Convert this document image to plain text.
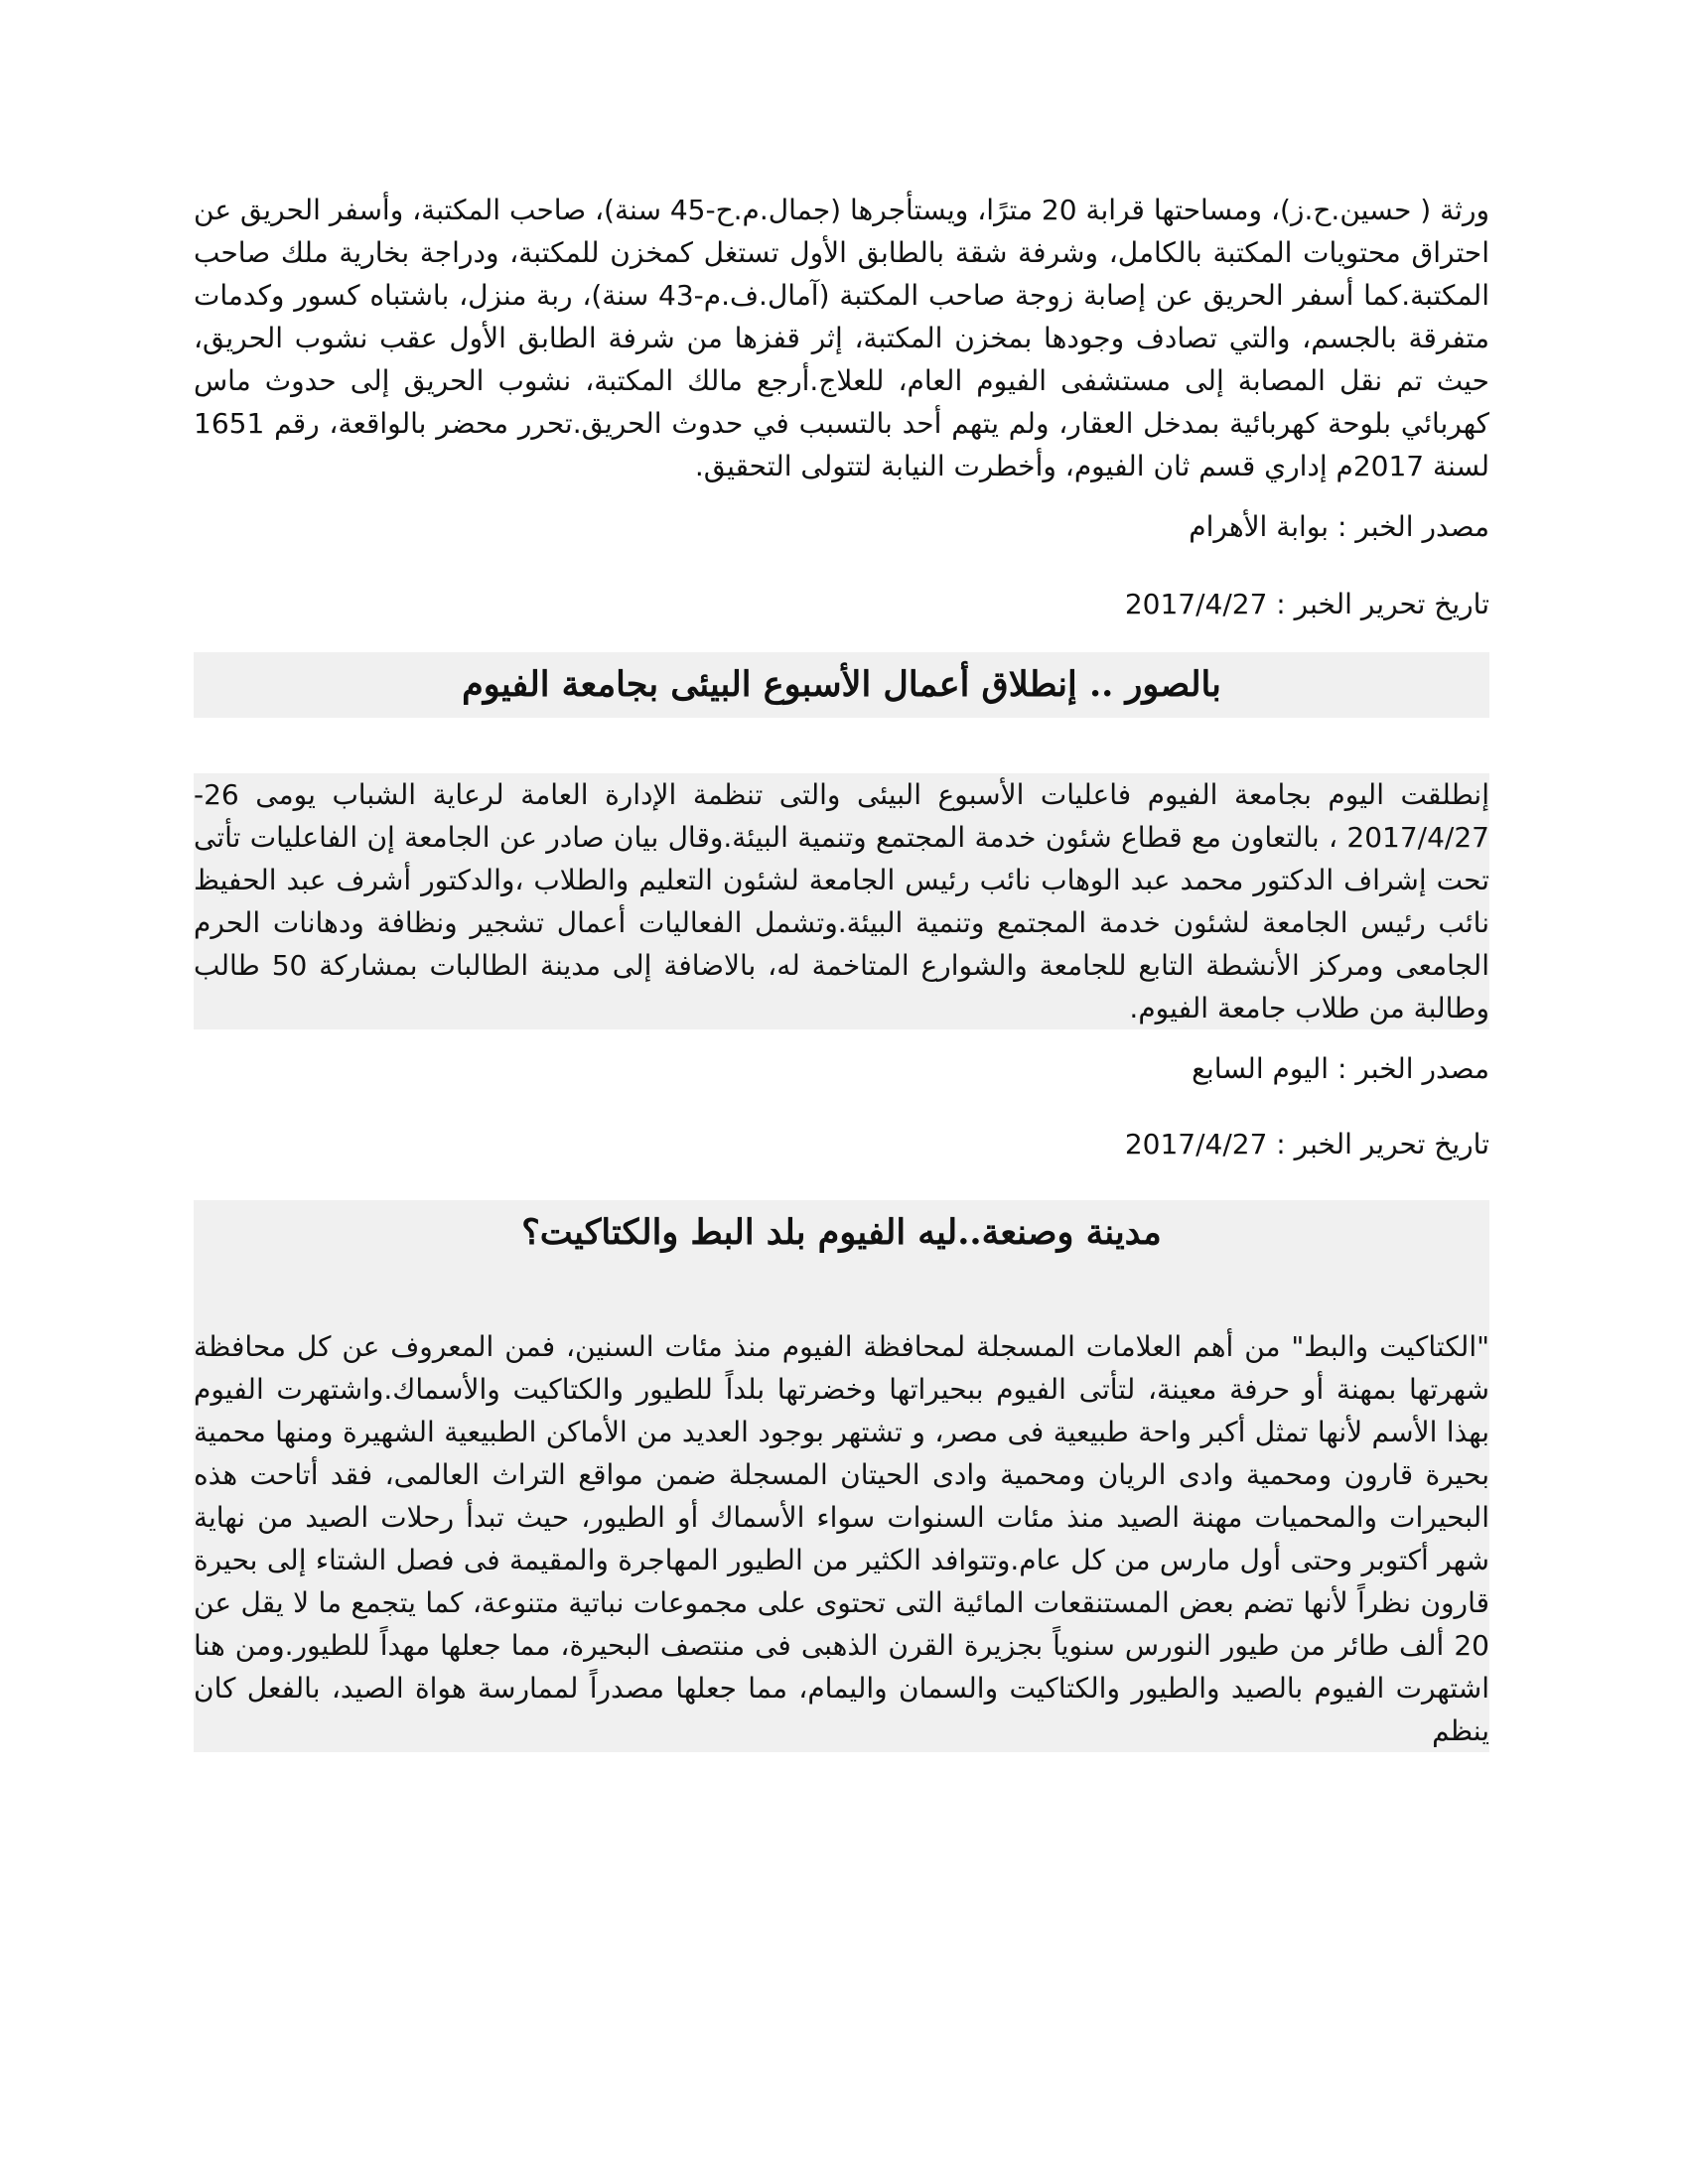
ورثة ( حسين.ح.ز)، ومساحتها قرابة 20 مترًا، ويستأجرها (جمال.م.ح-45 سنة)، صاحب المكتبة، وأسفر الحريق عن احتراق محتويات المكتبة بالكامل، وشرفة شقة بالطابق الأول تستغل كمخزن للمكتبة، ودراجة بخارية ملك صاحب المكتبة.كما أسفر الحريق عن إصابة زوجة صاحب المكتبة (آمال.ف.م-43 سنة)، ربة منزل، باشتباه كسور وكدمات متفرقة بالجسم، والتي تصادف وجودها بمخزن المكتبة، إثر قفزها من شرفة الطابق الأول عقب نشوب الحريق، حيث تم نقل المصابة إلى مستشفى الفيوم العام، للعلاج.أرجع مالك المكتبة، نشوب الحريق إلى حدوث ماس كهربائي بلوحة كهربائية بمدخل العقار، ولم يتهم أحد بالتسبب في حدوث الحريق.تحرر محضر بالواقعة، رقم 1651 لسنة 2017م إداري قسم ثان الفيوم، وأخطرت النيابة لتتولى التحقيق.

مصدر الخبر : بوابة الأهرام

تاريخ تحرير الخبر : 2017/4/27

بالصور .. إنطلاق أعمال الأسبوع البيئى بجامعة الفيوم

إنطلقت اليوم بجامعة الفيوم فاعليات الأسبوع البيئى والتى تنظمة الإدارة العامة لرعاية الشباب يومى 26-2017/4/27 ، بالتعاون مع قطاع شئون خدمة المجتمع وتنمية البيئة.وقال بيان صادر عن الجامعة إن الفاعليات تأتى تحت إشراف الدكتور محمد عبد الوهاب نائب رئيس الجامعة لشئون التعليم والطلاب ،والدكتور أشرف عبد الحفيظ نائب رئيس الجامعة لشئون خدمة المجتمع وتنمية البيئة.وتشمل الفعاليات أعمال تشجير ونظافة ودهانات الحرم الجامعى ومركز الأنشطة التابع للجامعة والشوارع المتاخمة له، بالاضافة إلى مدينة الطالبات بمشاركة 50 طالب وطالبة من طلاب جامعة الفيوم.

مصدر الخبر : اليوم السابع

تاريخ تحرير الخبر : 2017/4/27

مدينة وصنعة..ليه الفيوم بلد البط والكتاكيت؟

"الكتاكيت والبط" من أهم العلامات المسجلة لمحافظة الفيوم منذ مئات السنين، فمن المعروف عن كل محافظة شهرتها بمهنة أو حرفة معينة، لتأتى الفيوم ببحيراتها وخضرتها بلداً للطيور والكتاكيت والأسماك.واشتهرت الفيوم بهذا الأسم لأنها تمثل أكبر واحة طبيعية فى مصر، و تشتهر بوجود العديد من الأماكن الطبيعية الشهيرة ومنها محمية بحيرة قارون ومحمية وادى الريان ومحمية وادى الحيتان المسجلة ضمن مواقع التراث العالمى، فقد أتاحت هذه البحيرات والمحميات مهنة الصيد منذ مئات السنوات سواء الأسماك أو الطيور، حيث تبدأ رحلات الصيد من نهاية شهر أكتوبر وحتى أول مارس من كل عام.وتتوافد الكثير من الطيور المهاجرة والمقيمة فى فصل الشتاء إلى بحيرة قارون نظراً لأنها تضم بعض المستنقعات المائية التى تحتوى على مجموعات نباتية متنوعة، كما يتجمع ما لا يقل عن 20 ألف طائر من طيور النورس سنوياً بجزيرة القرن الذهبى فى منتصف البحيرة، مما جعلها مهداً للطيور.ومن هنا اشتهرت الفيوم بالصيد والطيور والكتاكيت والسمان واليمام، مما جعلها مصدراً لممارسة هواة الصيد، بالفعل كان ينظم
